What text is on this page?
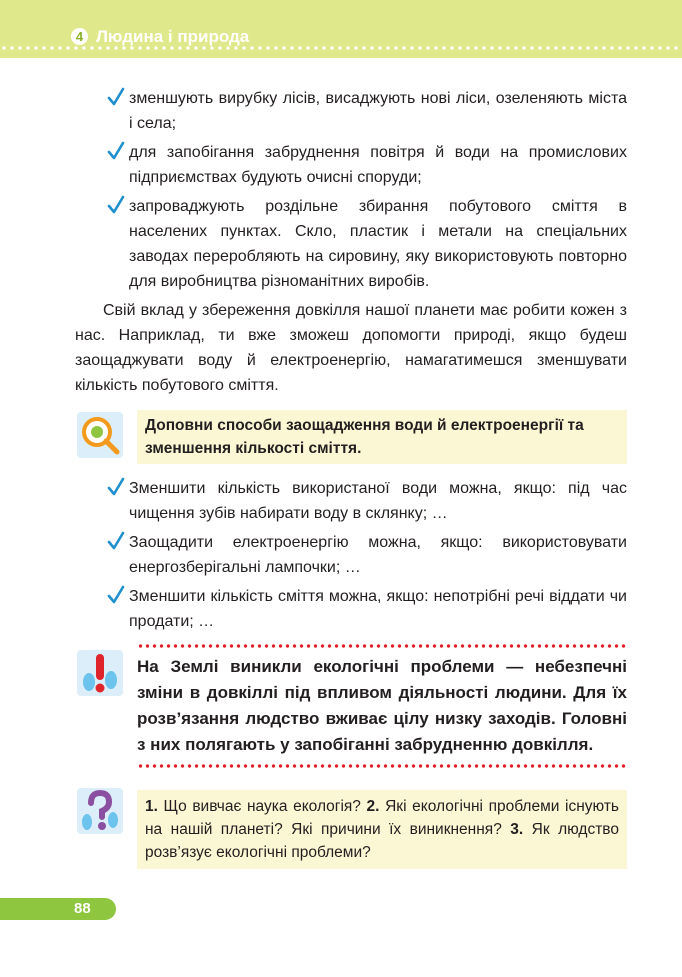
4 Людина і природа
зменшують вирубку лісів, висаджують нові ліси, озеленяють міста і села;
для запобігання забруднення повітря й води на промислових підприємствах будують очисні споруди;
запроваджують роздільне збирання побутового сміття в населених пунктах. Скло, пластик і метали на спеціальних заводах переробляють на сировину, яку використовують повторно для виробництва різноманітних виробів.

Свій вклад у збереження довкілля нашої планети має робити кожен з нас. Наприклад, ти вже зможеш допомогти природі, якщо будеш заощаджувати воду й електроенергію, намагатимешся зменшувати кількість побутового сміття.

Доповни способи заощадження води й електроенергії та зменшення кількості сміття.
Зменшити кількість використаної води можна, якщо: під час чищення зубів набирати воду в склянку; …
Заощадити електроенергію можна, якщо: використовувати енергозберігальні лампочки; …
Зменшити кількість сміття можна, якщо: непотрібні речі віддати чи продати; …
На Землі виникли екологічні проблеми — небезпечні зміни в довкіллі під впливом діяльності людини. Для їх розв’язання людство вживає цілу низку заходів. Головні з них полягають у запобіганні забрудненню довкілля.
1. Що вивчає наука екологія? 2. Які екологічні проблеми існують на нашій планеті? Які причини їх виникнення? 3. Як людство розв’язує екологічні проблеми?
88
